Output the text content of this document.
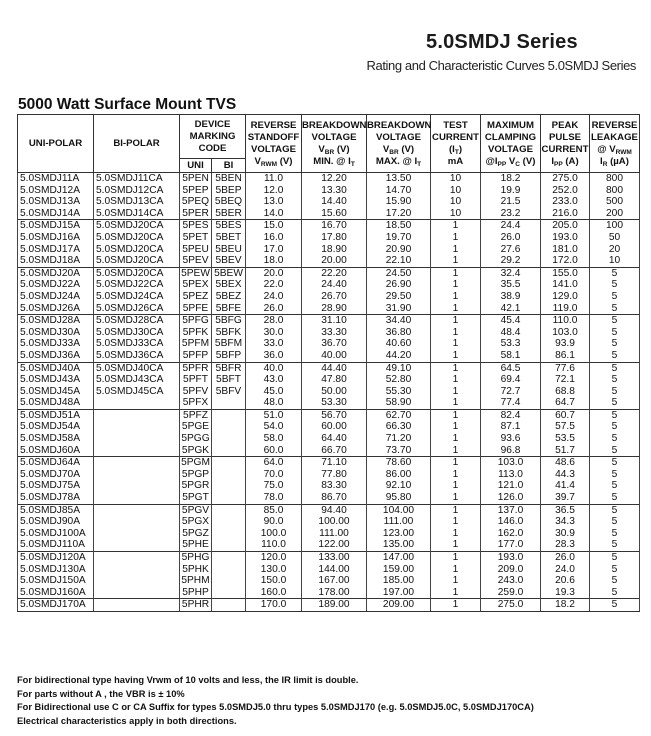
5.0SMDJ Series
Rating and Characteristic Curves 5.0SMDJ Series
5000 Watt Surface Mount TVS
UNI-POLAR	BI-POLAR	DEVICE
MARKING
CODE		REVERSE
STANDOFF
VOLTAGE
$V_{RWM}$ (V)	BREAKDOWN
VOLTAGE
$V_{BR}$ (V)
MIN. @ $I_T$	BREAKDOWN
VOLTAGE
$V_{BR}$ (V)
MAX. @ $I_T$	TEST
CURRENT
$(I_T)$
mA	MAXIMUM
CLAMPING
VOLTAGE
$@I_{PP}$ $V_C$ (V)	PEAK
PULSE
CURRENT
$I_{PP}$ (A)	REVERSE
LEAKAGE
@ $V_{RWM}$
$I_R$ (µA)
		UNI	BI							
5.0SMDJ11A	5.0SMDJ11CA	5PEN	5BEN	11.0	12.20	13.50	10	18.2	275.0	800
5.0SMDJ12A	5.0SMDJ12CA	5PEP	5BEP	12.0	13.30	14.70	10	19.9	252.0	800
5.0SMDJ13A	5.0SMDJ13CA	5PEQ	5BEQ	13.0	14.40	15.90	10	21.5	233.0	500
5.0SMDJ14A	5.0SMDJ14CA	5PER	5BER	14.0	15.60	17.20	10	23.2	216.0	200
5.0SMDJ15A	5.0SMDJ20CA	5PES	5BES	15.0	16.70	18.50	1	24.4	205.0	100
5.0SMDJ16A	5.0SMDJ20CA	5PET	5BET	16.0	17.80	19.70	1	26.0	193.0	50
5.0SMDJ17A	5.0SMDJ20CA	5PEU	5BEU	17.0	18.90	20.90	1	27.6	181.0	20
5.0SMDJ18A	5.0SMDJ20CA	5PEV	5BEV	18.0	20.00	22.10	1	29.2	172.0	10
5.0SMDJ20A	5.0SMDJ20CA	5PEW	5BEW	20.0	22.20	24.50	1	32.4	155.0	5
5.0SMDJ22A	5.0SMDJ22CA	5PEX	5BEX	22.0	24.40	26.90	1	35.5	141.0	5
5.0SMDJ24A	5.0SMDJ24CA	5PEZ	5BEZ	24.0	26.70	29.50	1	38.9	129.0	5
5.0SMDJ26A	5.0SMDJ26CA	5PFE	5BFE	26.0	28.90	31.90	1	42.1	119.0	5
5.0SMDJ28A	5.0SMDJ28CA	5PFG	5BFG	28.0	31.10	34.40	1	45.4	110.0	5
5.0SMDJ30A	5.0SMDJ30CA	5PFK	5BFK	30.0	33.30	36.80	1	48.4	103.0	5
5.0SMDJ33A	5.0SMDJ33CA	5PFM	5BFM	33.0	36.70	40.60	1	53.3	93.9	5
5.0SMDJ36A	5.0SMDJ36CA	5PFP	5BFP	36.0	40.00	44.20	1	58.1	86.1	5
5.0SMDJ40A	5.0SMDJ40CA	5PFR	5BFR	40.0	44.40	49.10	1	64.5	77.6	5
5.0SMDJ43A	5.0SMDJ43CA	5PFT	5BFT	43.0	47.80	52.80	1	69.4	72.1	5
5.0SMDJ45A	5.0SMDJ45CA	5PFV	5BFV	45.0	50.00	55.30	1	72.7	68.8	5
5.0SMDJ48A		5PFX		48.0	53.30	58.90	1	77.4	64.7	5
5.0SMDJ51A		5PFZ		51.0	56.70	62.70	1	82.4	60.7	5
5.0SMDJ54A		5PGE		54.0	60.00	66.30	1	87.1	57.5	5
5.0SMDJ58A		5PGG		58.0	64.40	71.20	1	93.6	53.5	5
5.0SMDJ60A		5PGK		60.0	66.70	73.70	1	96.8	51.7	5
5.0SMDJ64A		5PGM		64.0	71.10	78.60	1	103.0	48.6	5
5.0SMDJ70A		5PGP		70.0	77.80	86.00	1	113.0	44.3	5
5.0SMDJ75A		5PGR		75.0	83.30	92.10	1	121.0	41.4	5
5.0SMDJ78A		5PGT		78.0	86.70	95.80	1	126.0	39.7	5
5.0SMDJ85A		5PGV		85.0	94.40	104.00	1	137.0	36.5	5
5.0SMDJ90A		5PGX		90.0	100.00	111.00	1	146.0	34.3	5
5.0SMDJ100A		5PGZ		100.0	111.00	123.00	1	162.0	30.9	5
5.0SMDJ110A		5PHE		110.0	122.00	135.00	1	177.0	28.3	5
5.0SMDJ120A		5PHG		120.0	133.00	147.00	1	193.0	26.0	5
5.0SMDJ130A		5PHK		130.0	144.00	159.00	1	209.0	24.0	5
5.0SMDJ150A		5PHM		150.0	167.00	185.00	1	243.0	20.6	5
5.0SMDJ160A		5PHP		160.0	178.00	197.00	1	259.0	19.3	5
5.0SMDJ170A		5PHR		170.0	189.00	209.00	1	275.0	18.2	5
For bidirectional type having Vrwm of 10 volts and less, the IR limit is double.
For parts without A , the VBR is ± 10%
For Bidirectional use C or CA Suffix for types 5.0SMDJ5.0 thru types 5.0SMDJ170 (e.g. 5.0SMDJ5.0C, 5.0SMDJ170CA)
Electrical characteristics apply in both directions.
